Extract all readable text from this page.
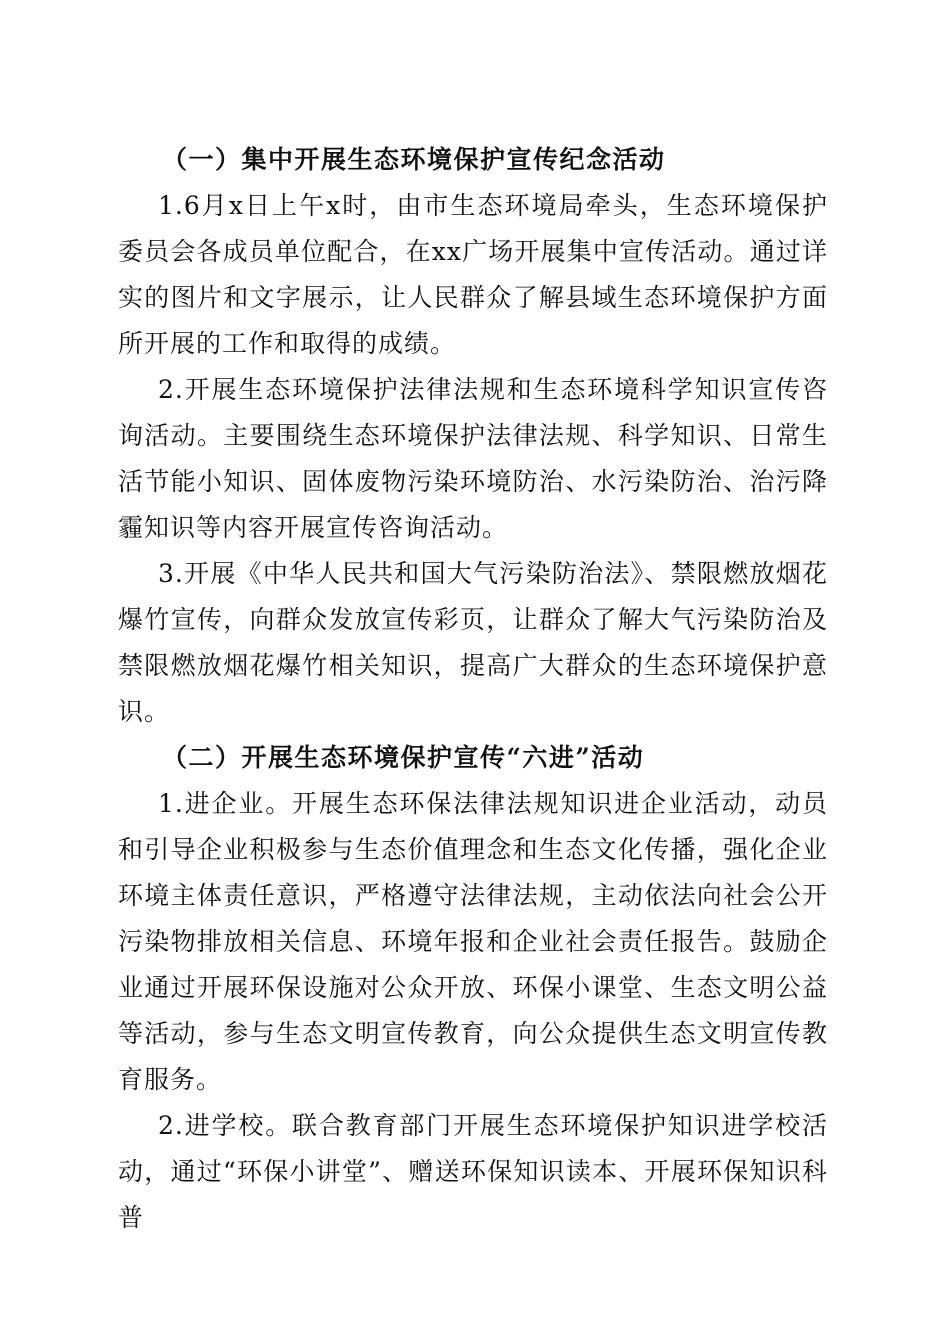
（一）集中开展生态环境保护宣传纪念活动

1.6月x日上午x时，由市生态环境局牵头，生态环境保护委员会各成员单位配合，在xx广场开展集中宣传活动。通过详实的图片和文字展示，让人民群众了解县域生态环境保护方面所开展的工作和取得的成绩。

2.开展生态环境保护法律法规和生态环境科学知识宣传咨询活动。主要围绕生态环境保护法律法规、科学知识、日常生活节能小知识、固体废物污染环境防治、水污染防治、治污降霾知识等内容开展宣传咨询活动。

3.开展《中华人民共和国大气污染防治法》、禁限燃放烟花爆竹宣传，向群众发放宣传彩页，让群众了解大气污染防治及禁限燃放烟花爆竹相关知识，提高广大群众的生态环境保护意识。

（二）开展生态环境保护宣传“六进”活动

1.进企业。开展生态环保法律法规知识进企业活动，动员和引导企业积极参与生态价值理念和生态文化传播，强化企业环境主体责任意识，严格遵守法律法规，主动依法向社会公开污染物排放相关信息、环境年报和企业社会责任报告。鼓励企业通过开展环保设施对公众开放、环保小课堂、生态文明公益等活动，参与生态文明宣传教育，向公众提供生态文明宣传教育服务。

2.进学校。联合教育部门开展生态环境保护知识进学校活动，通过“环保小讲堂”、赠送环保知识读本、开展环保知识科普
